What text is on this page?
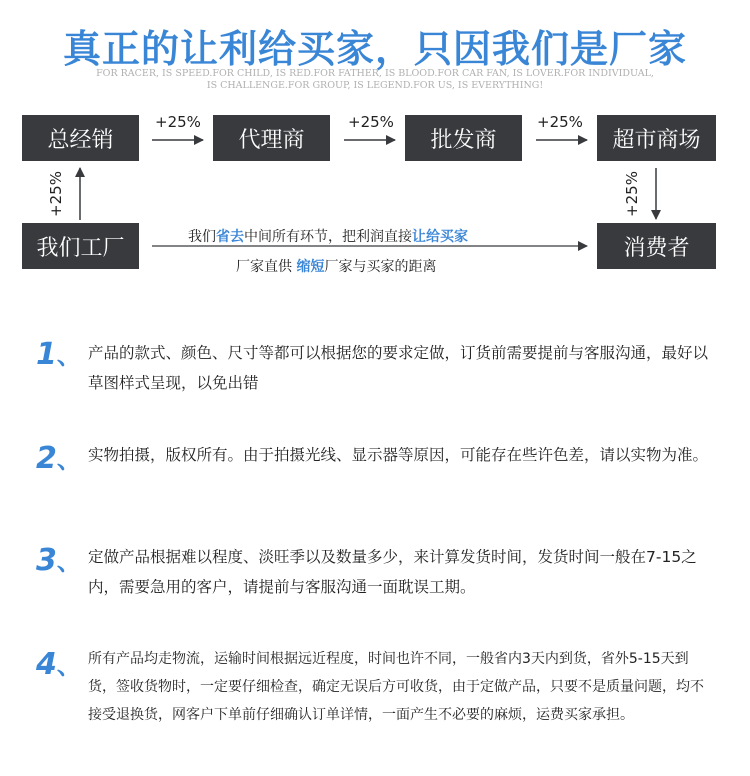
真正的让利给买家，只因我们是厂家
FOR RACER, IS SPEED.FOR CHILD, IS RED.FOR FATHER, IS BLOOD.FOR CAR FAN, IS LOVER.FOR INDIVIDUAL,
IS CHALLENGE.FOR GROUP, IS LEGEND.FOR US, IS EVERYTHING!
总经销	代理商	批发商	超市商场
我们工厂	消费者
+25%	+25%	+25%
+25%	+25%
我们省去中间所有环节，把利润直接让给买家
厂家直供 缩短厂家与买家的距离
1、 产品的款式、颜色、尺寸等都可以根据您的要求定做，订货前需要提前与客服沟通，最好以草图样式呈现，以免出错
2、 实物拍摄，版权所有。由于拍摄光线、显示器等原因，可能存在些许色差，请以实物为准。
3、 定做产品根据难以程度、淡旺季以及数量多少，来计算发货时间，发货时间一般在7-15之内，需要急用的客户，请提前与客服沟通一面耽误工期。
4、 所有产品均走物流，运输时间根据远近程度，时间也许不同，一般省内3天内到货，省外5-15天到货，签收货物时，一定要仔细检查，确定无误后方可收货，由于定做产品，只要不是质量问题，均不接受退换货，网客户下单前仔细确认订单详情，一面产生不必要的麻烦，运费买家承担。
